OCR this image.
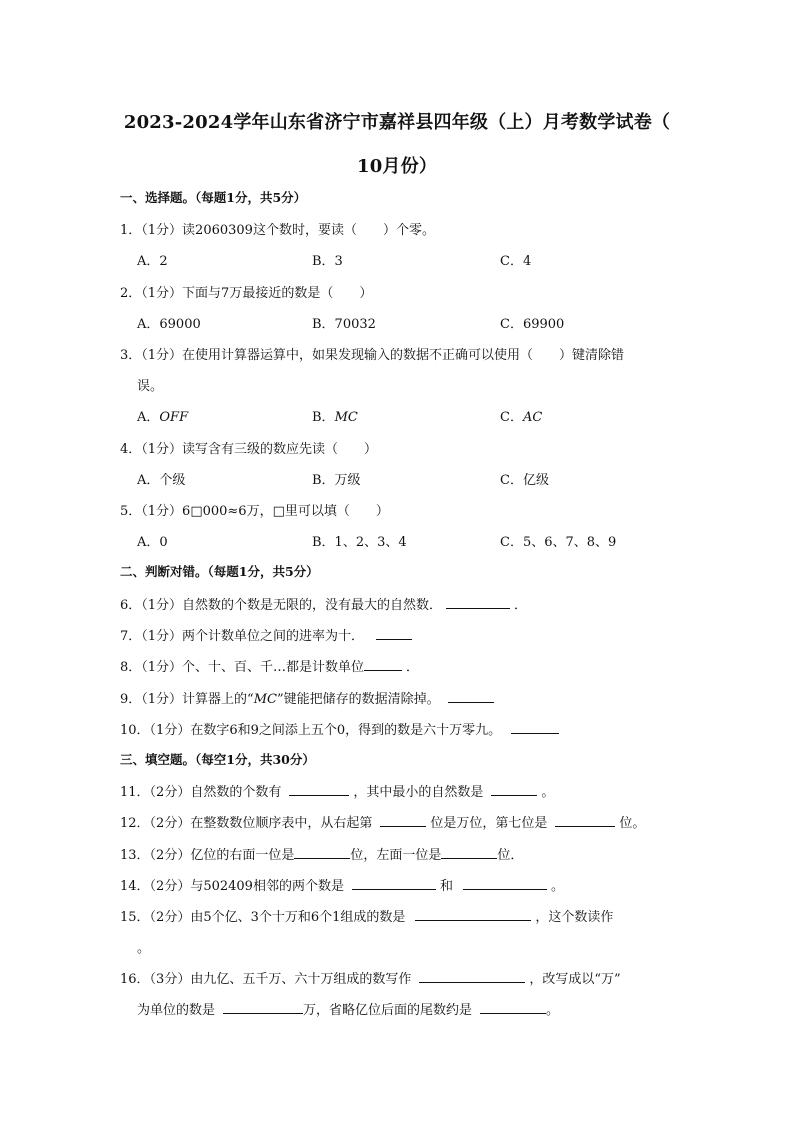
2023-2024学年山东省济宁市嘉祥县四年级（上）月考数学试卷（
10月份）
一、选择题。（每题1分，共5分）
1．（1分）读2060309这个数时，要读（　　）个零。
A．2	B．3	C．4
2．（1分）下面与7万最接近的数是（　　）
A．69000	B．70032	C．69900
3．（1分）在使用计算器运算中，如果发现输入的数据不正确可以使用（　　）键清除错
误。
A．OFF	B．MC	C．AC
4．（1分）读写含有三级的数应先读（　　）
A．个级	B．万级	C．亿级
5．（1分）6□000≈6万，□里可以填（　　）
A．0	B．1、2、3、4	C．5、6、7、8、9
二、判断对错。（每题1分，共5分）
6．（1分）自然数的个数是无限的，没有最大的自然数．	．
7．（1分）两个计数单位之间的进率为十．
8．（1分）个、十、百、千…都是计数单位	．
9．（1分）计算器上的“MC”键能把储存的数据清除掉。
10．（1分）在数字6和9之间添上五个0，得到的数是六十万零九。
三、填空题。（每空1分，共30分）
11．（2分）自然数的个数有	，其中最小的自然数是	。
12．（2分）在整数数位顺序表中，从右起第	位是万位，第七位是	位。
13．（2分）亿位的右面一位是	位，左面一位是	位．
14．（2分）与502409相邻的两个数是	和	。
15．（2分）由5个亿、3个十万和6个1组成的数是	，这个数读作
。
16．（3分）由九亿、五千万、六十万组成的数写作	，改写成以“万”
为单位的数是	万，省略亿位后面的尾数约是	。
